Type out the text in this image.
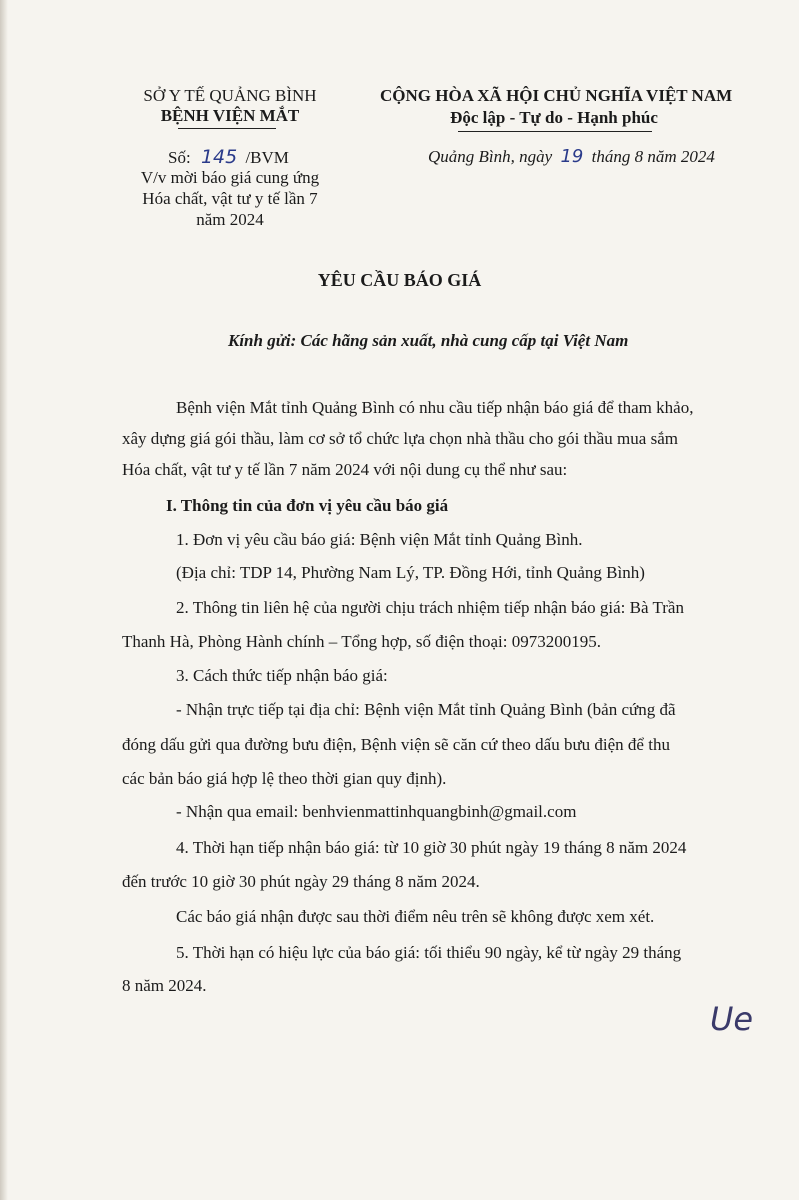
SỞ Y TẾ QUẢNG BÌNH
BỆNH VIỆN MẮT
Số: 145 /BVM
V/v mời báo giá cung ứng
Hóa chất, vật tư y tế lần 7
năm 2024
CỘNG HÒA XÃ HỘI CHỦ NGHĨA VIỆT NAM
Độc lập - Tự do - Hạnh phúc
Quảng Bình, ngày 19 tháng 8 năm 2024
YÊU CẦU BÁO GIÁ
Kính gửi: Các hãng sản xuất, nhà cung cấp tại Việt Nam
Bệnh viện Mắt tỉnh Quảng Bình có nhu cầu tiếp nhận báo giá để tham khảo,
xây dựng giá gói thầu, làm cơ sở tổ chức lựa chọn nhà thầu cho gói thầu mua sắm
Hóa chất, vật tư y tế lần 7 năm 2024 với nội dung cụ thể như sau:
I. Thông tin của đơn vị yêu cầu báo giá
1. Đơn vị yêu cầu báo giá: Bệnh viện Mắt tỉnh Quảng Bình.
(Địa chỉ: TDP 14, Phường Nam Lý, TP. Đồng Hới, tỉnh Quảng Bình)
2. Thông tin liên hệ của người chịu trách nhiệm tiếp nhận báo giá: Bà Trần
Thanh Hà, Phòng Hành chính – Tổng hợp, số điện thoại: 0973200195.
3. Cách thức tiếp nhận báo giá:
- Nhận trực tiếp tại địa chỉ: Bệnh viện Mắt tỉnh Quảng Bình (bản cứng đã
đóng dấu gửi qua đường bưu điện, Bệnh viện sẽ căn cứ theo dấu bưu điện để thu
các bản báo giá hợp lệ theo thời gian quy định).
- Nhận qua email: benhvienmattinhquangbinh@gmail.com
4. Thời hạn tiếp nhận báo giá: từ 10 giờ 30 phút ngày 19 tháng 8 năm 2024
đến trước 10 giờ 30 phút ngày 29 tháng 8 năm 2024.
Các báo giá nhận được sau thời điểm nêu trên sẽ không được xem xét.
5. Thời hạn có hiệu lực của báo giá: tối thiểu 90 ngày, kể từ ngày 29 tháng
8 năm 2024.
Ue
